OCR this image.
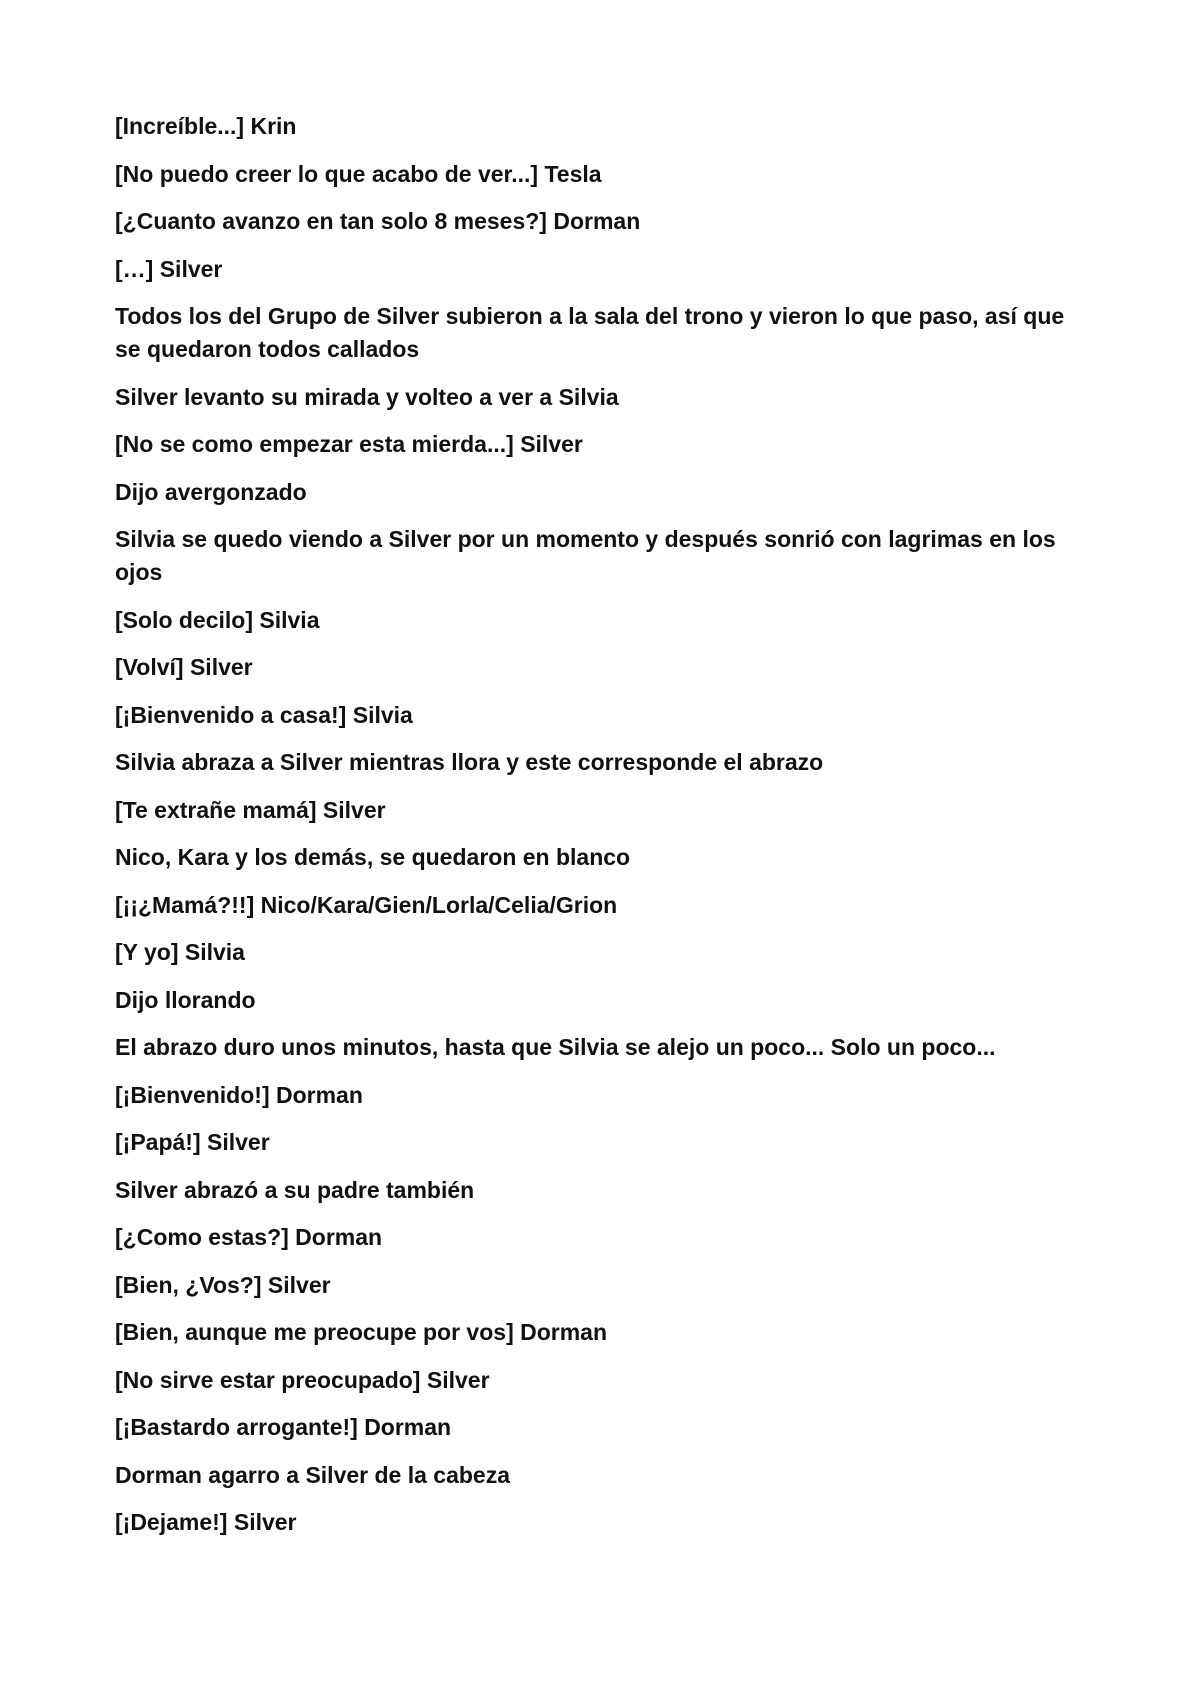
[Increíble...] Krin

[No puedo creer lo que acabo de ver...] Tesla

[¿Cuanto avanzo en tan solo 8 meses?] Dorman

[…] Silver

Todos los del Grupo de Silver subieron a la sala del trono y vieron lo que paso, así que se quedaron todos callados

Silver levanto su mirada y volteo a ver a Silvia

[No se como empezar esta mierda...] Silver

Dijo avergonzado

Silvia se quedo viendo a Silver por un momento y después sonrió con lagrimas en los ojos

[Solo decilo] Silvia

[Volví] Silver

[¡Bienvenido a casa!] Silvia

Silvia abraza a Silver mientras llora y este corresponde el abrazo

[Te extrañe mamá] Silver

Nico, Kara y los demás, se quedaron en blanco

[¡¡¿Mamá?!!] Nico/Kara/Gien/Lorla/Celia/Grion

[Y yo] Silvia

Dijo llorando

El abrazo duro unos minutos, hasta que Silvia se alejo un poco... Solo un poco...

[¡Bienvenido!] Dorman

[¡Papá!] Silver

Silver abrazó a su padre también

[¿Como estas?] Dorman

[Bien, ¿Vos?] Silver

[Bien, aunque me preocupe por vos] Dorman

[No sirve estar preocupado] Silver

[¡Bastardo arrogante!] Dorman

Dorman agarro a Silver de la cabeza

[¡Dejame!] Silver
